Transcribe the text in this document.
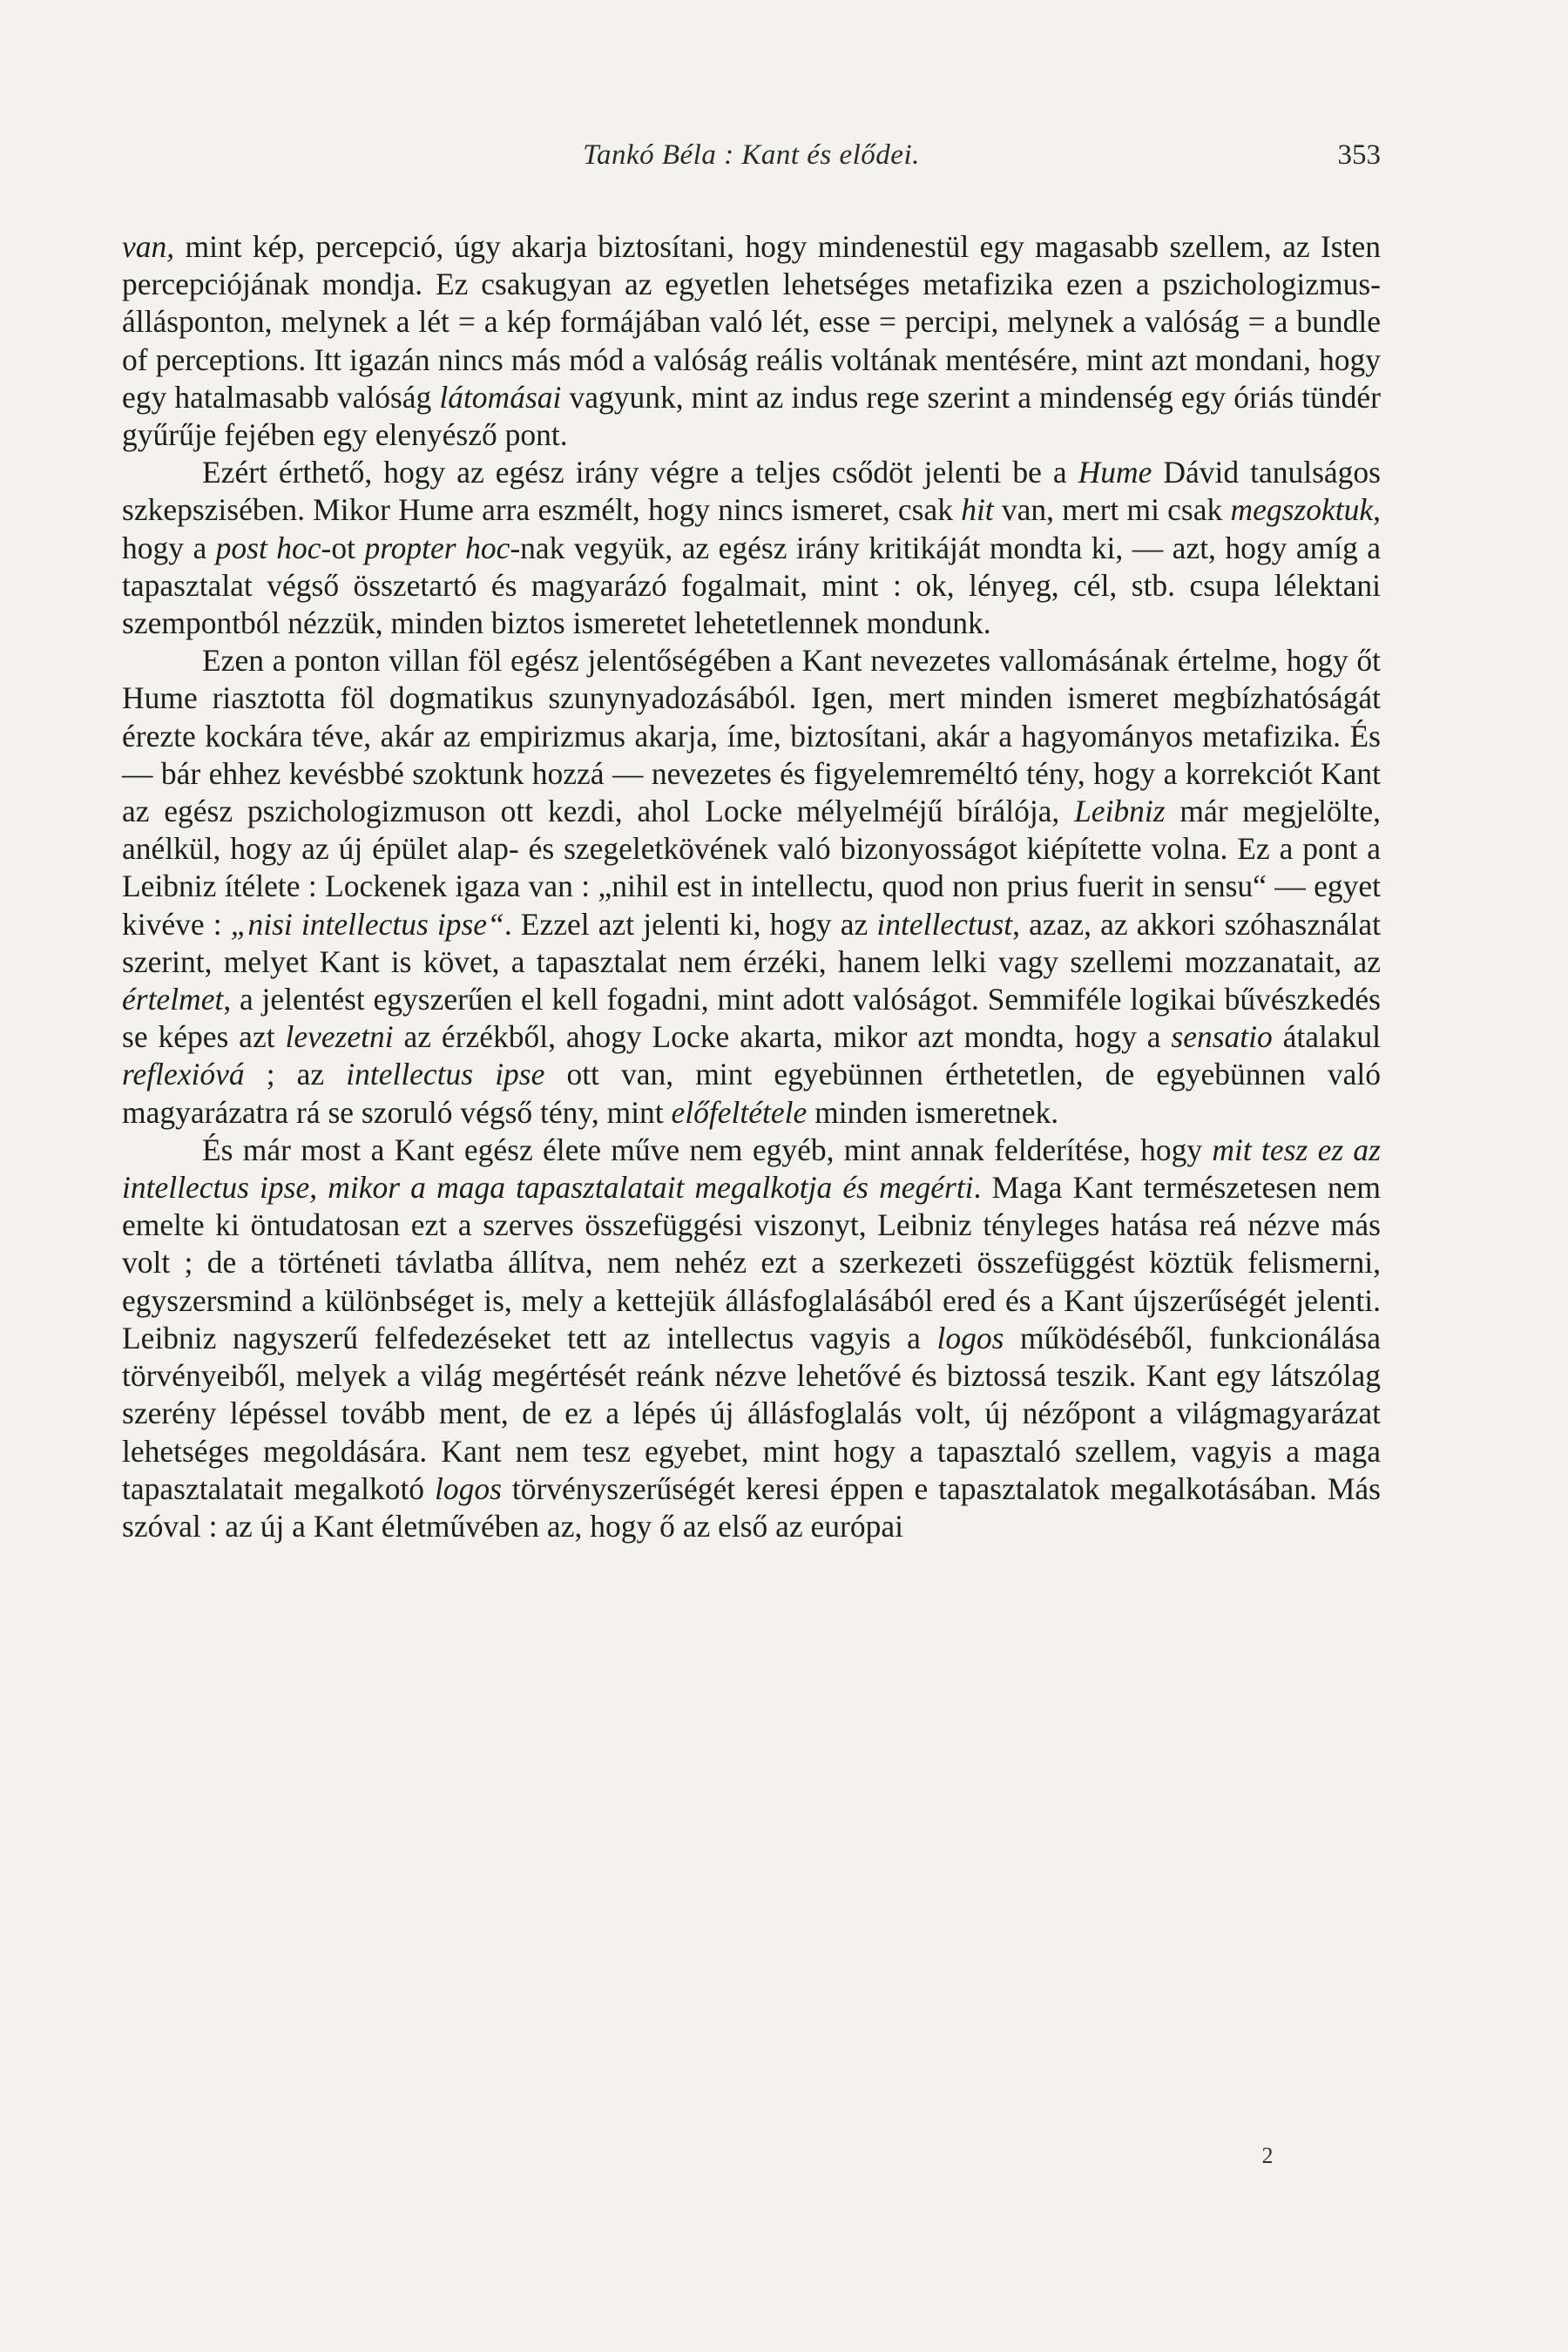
Tankó Béla : Kant és elődei.	353

van, mint kép, percepció, úgy akarja biztosítani, hogy mindenestül egy magasabb szellem, az Isten percepciójának mondja. Ez csakugyan az egyetlen lehetséges metafizika ezen a pszichologizmus-állásponton, melynek a lét = a kép formájában való lét, esse = percipi, melynek a valóság = a bundle of perceptions. Itt igazán nincs más mód a valóság reális voltának mentésére, mint azt mondani, hogy egy hatalmasabb valóság látomásai vagyunk, mint az indus rege szerint a mindenség egy óriás tündér gyűrűje fejében egy elenyésző pont.

Ezért érthető, hogy az egész irány végre a teljes csődöt jelenti be a Hume Dávid tanulságos szkepszisében. Mikor Hume arra eszmélt, hogy nincs ismeret, csak hit van, mert mi csak megszoktuk, hogy a post hoc-ot propter hoc-nak vegyük, az egész irány kritikáját mondta ki, — azt, hogy amíg a tapasztalat végső összetartó és magyarázó fogalmait, mint : ok, lényeg, cél, stb. csupa lélektani szempontból nézzük, minden biztos ismeretet lehetetlennek mondunk.

Ezen a ponton villan föl egész jelentőségében a Kant nevezetes vallomásának értelme, hogy őt Hume riasztotta föl dogmatikus szunynyadozásából. Igen, mert minden ismeret megbízhatóságát érezte kockára téve, akár az empirizmus akarja, íme, biztosítani, akár a hagyományos metafizika. És — bár ehhez kevésbbé szoktunk hozzá — nevezetes és figyelemreméltó tény, hogy a korrekciót Kant az egész pszichologizmuson ott kezdi, ahol Locke mélyelméjű bírálója, Leibniz már megjelölte, anélkül, hogy az új épület alap- és szegeletkövének való bizonyosságot kiépítette volna. Ez a pont a Leibniz ítélete : Lockenek igaza van : „nihil est in intellectu, quod non prius fuerit in sensu“ — egyet kivéve : „nisi intellectus ipse“. Ezzel azt jelenti ki, hogy az intellectust, azaz, az akkori szóhasználat szerint, melyet Kant is követ, a tapasztalat nem érzéki, hanem lelki vagy szellemi mozzanatait, az értelmet, a jelentést egyszerűen el kell fogadni, mint adott valóságot. Semmiféle logikai bűvészkedés se képes azt levezetni az érzékből, ahogy Locke akarta, mikor azt mondta, hogy a sensatio átalakul reflexióvá ; az intellectus ipse ott van, mint egyebünnen érthetetlen, de egyebünnen való magyarázatra rá se szoruló végső tény, mint előfeltétele minden ismeretnek.

És már most a Kant egész élete műve nem egyéb, mint annak felderítése, hogy mit tesz ez az intellectus ipse, mikor a maga tapasztalatait megalkotja és megérti. Maga Kant természetesen nem emelte ki öntudatosan ezt a szerves összefüggési viszonyt, Leibniz tényleges hatása reá nézve más volt ; de a történeti távlatba állítva, nem nehéz ezt a szerkezeti összefüggést köztük felismerni, egyszersmind a különbséget is, mely a kettejük állásfoglalásából ered és a Kant újszerűségét jelenti. Leibniz nagyszerű felfedezéseket tett az intellectus vagyis a logos működéséből, funkcionálása törvényeiből, melyek a világ megértését reánk nézve lehetővé és biztossá teszik. Kant egy látszólag szerény lépéssel tovább ment, de ez a lépés új állásfoglalás volt, új nézőpont a világmagyarázat lehetséges megoldására. Kant nem tesz egyebet, mint hogy a tapasztaló szellem, vagyis a maga tapasztalatait megalkotó logos törvényszerűségét keresi éppen e tapasztalatok megalkotásában. Más szóval : az új a Kant életművében az, hogy ő az első az európai

2
